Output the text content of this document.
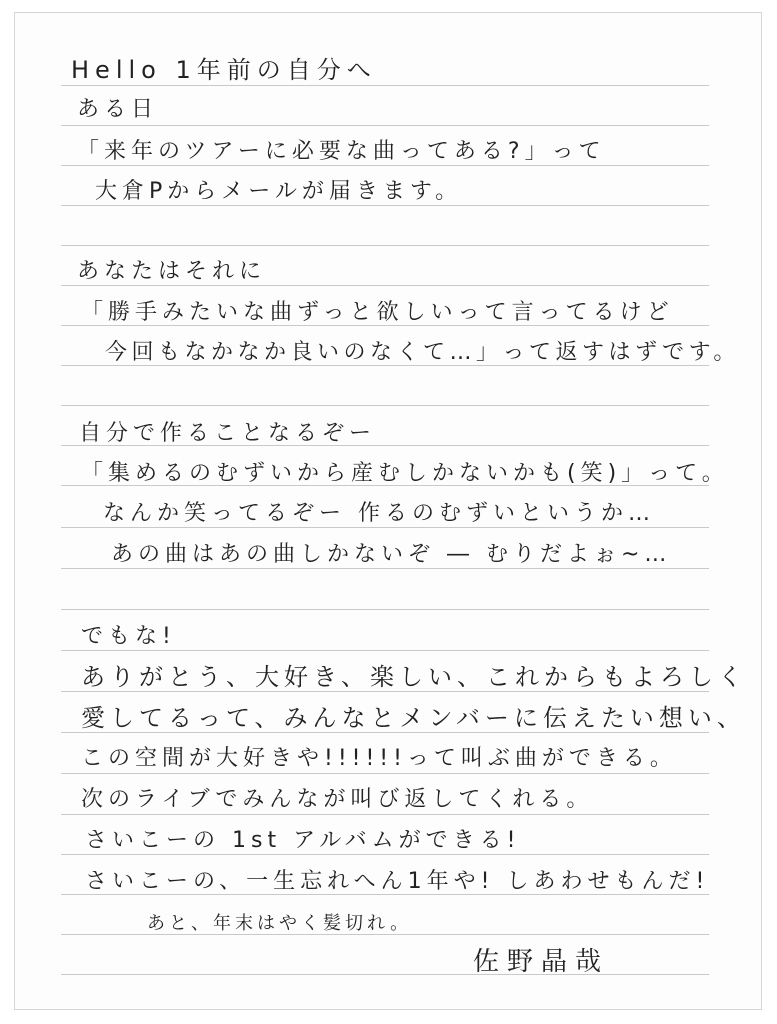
Hello 1年前の自分へ
ある日
「来年のツアーに必要な曲ってある?」って
大倉Pからメールが届きます。
あなたはそれに
「勝手みたいな曲ずっと欲しいって言ってるけど
今回もなかなか良いのなくて…」って返すはずです。
自分で作ることなるぞー
「集めるのむずいから産むしかないかも(笑)」って。
なんか笑ってるぞー 作るのむずいというか…
あの曲はあの曲しかないぞ ― むりだよぉ~…
でもな!
ありがとう、大好き、楽しい、これからもよろしく
愛してるって、みんなとメンバーに伝えたい想い、
この空間が大好きや!!!!!!って叫ぶ曲ができる。
次のライブでみんなが叫び返してくれる。
さいこーの 1st アルバムができる!
さいこーの、一生忘れへん1年や! しあわせもんだ!
あと、年末はやく髪切れ。
佐野晶哉
